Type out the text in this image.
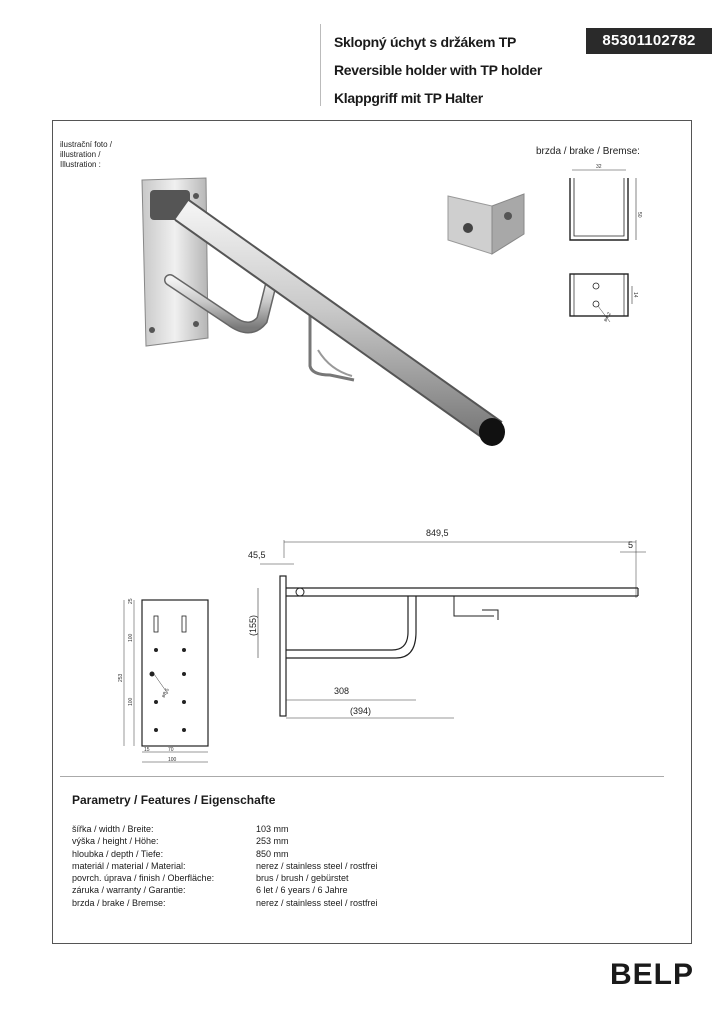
Sklopný úchyt s držákem TP
Reversible holder with TP holder
Klappgriff mit TP Halter
85301102782
ilustrační foto /
illustration /
Illustration :
brzda / brake / Bremse:
32
50
14
ø4,2
25
100
253
100
ø8,5
15	70
100
849,5
45,5
5
(155)
308
(394)
Parametry / Features / Eigenschafte
šířka / width / Breite:	103 mm
výška / height / Höhe:	253 mm
hloubka / depth / Tiefe:	850 mm
materiál / material / Material:	nerez / stainless steel / rostfrei
povrch. úprava / finish / Oberfläche:	brus / brush / gebürstet
záruka / warranty / Garantie:	6 let / 6 years / 6 Jahre
brzda / brake / Bremse:	nerez / stainless steel / rostfrei
BELP
